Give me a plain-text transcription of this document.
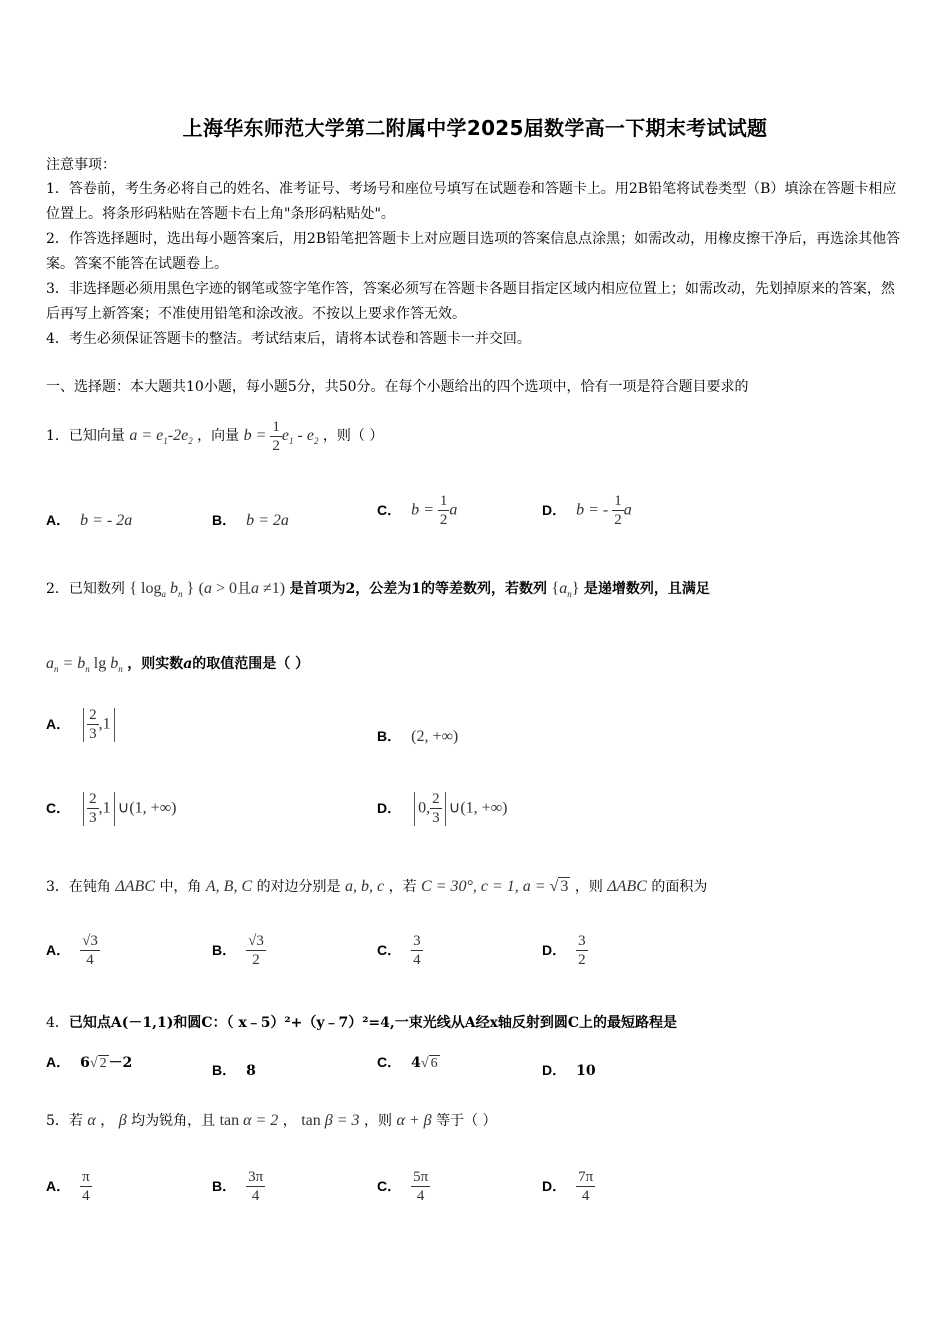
上海华东师范大学第二附属中学2025届数学高一下期末考试试题
注意事项：
1．答卷前，考生务必将自己的姓名、准考证号、考场号和座位号填写在试题卷和答题卡上。用2B铅笔将试卷类型（B）填涂在答题卡相应位置上。将条形码粘贴在答题卡右上角"条形码粘贴处"。
2．作答选择题时，选出每小题答案后，用2B铅笔把答题卡上对应题目选项的答案信息点涂黑；如需改动，用橡皮擦干净后，再选涂其他答案。答案不能答在试题卷上。
3．非选择题必须用黑色字迹的钢笔或签字笔作答，答案必须写在答题卡各题目指定区域内相应位置上；如需改动，先划掉原来的答案，然后再写上新答案；不准使用铅笔和涂改液。不按以上要求作答无效。
4．考生必须保证答题卡的整洁。考试结束后，请将本试卷和答题卡一并交回。
一、选择题：本大题共10小题，每小题5分，共50分。在每个小题给出的四个选项中，恰有一项是符合题目要求的
1．已知向量 $a = e_1-2e_2$ ，向量 $b = \frac{1}{2} e_1 - e_2$ ，则（ ）
A． b = - 2a	B． b = 2a
C． $b = \frac{1}{2}$ a	D． b = - $\frac{1}{2}$ a
2．已知数列 { $\log_a b_n$ } (a > 0且a ≠1) 是首项为2，公差为1的等差数列，若数列 $\{a_n\}$ 是递增数列，且满足
$a_n = b_n$ $\lg b_n$ ，则实数a的取值范围是（ ）
A． $\frac{2}{3} ,1$
B． (2, +∞)
C． $\frac{2}{3} ,1$ ∪(1, +∞)	D． 0, $\frac{2}{3}$ ∪(1, +∞)
3．在钝角 ΔABC 中，角 A, B, C 的对边分别是 a, b, c ，若 C = 30°, c = 1, a = √ 3 ，则 ΔABC 的面积为
A． $\frac{√3}{4}$	B． $\frac{√3}{2}$	C． $\frac{3}{4}$	D． $\frac{3}{2}$
4．已知点A(－1,1)和圆C：（ x﹣5）²+（y﹣7）²=4,一束光线从A经x轴反射到圆C上的最短路程是
A． 6√ 2 －2	B． 8
C． 4√ 6	D． 10
5．若 α ， β 均为锐角，且 tan α = 2 ， tan β = 3 ，则 α + β 等于（ ）
A． $\frac{\pi}{4}$	B． $\frac{3\pi}{4}$	C． $\frac{5\pi}{4}$	D． $\frac{7\pi}{4}$
